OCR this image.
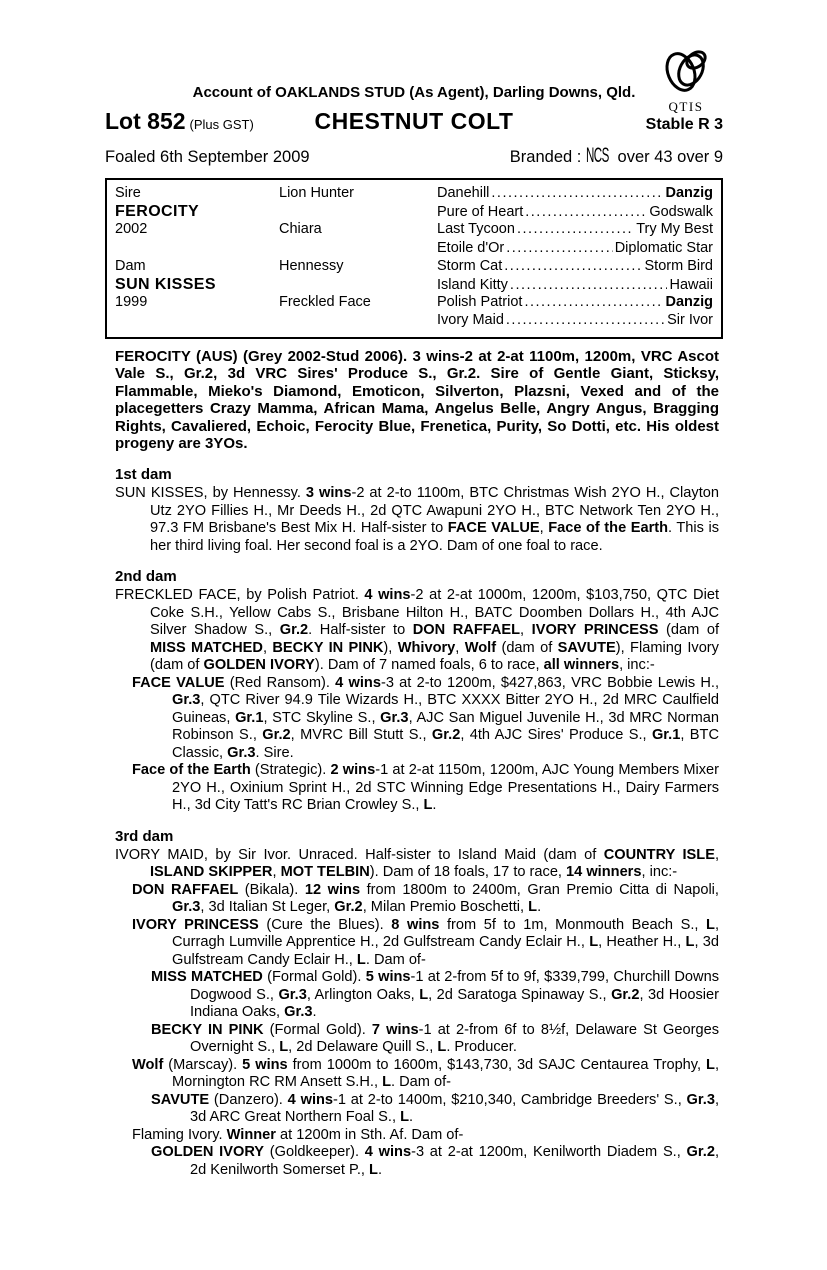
QTIS
Account of OAKLANDS STUD (As Agent), Darling Downs, Qld.
Lot 852 (Plus GST)	CHESTNUT COLT	Stable R 3
Foaled 6th September 2009	Branded : NCS over 43 over 9
Sire	Lion Hunter	Danehill .....	Danzig
FEROCITY	Pure of Heart .....	Godswalk
2002	Chiara	Last Tycoon .....	Try My Best
Etoile d'Or .....	Diplomatic Star
Dam	Hennessy	Storm Cat .....	Storm Bird
SUN KISSES	Island Kitty .....	Hawaii
1999	Freckled Face	Polish Patriot .....	Danzig
Ivory Maid .....	Sir Ivor
FEROCITY (AUS) (Grey 2002-Stud 2006). 3 wins-2 at 2-at 1100m, 1200m, VRC Ascot Vale S., Gr.2, 3d VRC Sires' Produce S., Gr.2. Sire of Gentle Giant, Sticksy, Flammable, Mieko's Diamond, Emoticon, Silverton, Plazsni, Vexed and of the placegetters Crazy Mamma, African Mama, Angelus Belle, Angry Angus, Bragging Rights, Cavaliered, Echoic, Ferocity Blue, Frenetica, Purity, So Dotti, etc. His oldest progeny are 3YOs.
1st dam
SUN KISSES, by Hennessy. 3 wins-2 at 2-to 1100m, BTC Christmas Wish 2YO H., Clayton Utz 2YO Fillies H., Mr Deeds H., 2d QTC Awapuni 2YO H., BTC Network Ten 2YO H., 97.3 FM Brisbane's Best Mix H. Half-sister to FACE VALUE, Face of the Earth. This is her third living foal. Her second foal is a 2YO. Dam of one foal to race.
2nd dam
FRECKLED FACE, by Polish Patriot. 4 wins-2 at 2-at 1000m, 1200m, $103,750, QTC Diet Coke S.H., Yellow Cabs S., Brisbane Hilton H., BATC Doomben Dollars H., 4th AJC Silver Shadow S., Gr.2. Half-sister to DON RAFFAEL, IVORY PRINCESS (dam of MISS MATCHED, BECKY IN PINK), Whivory, Wolf (dam of SAVUTE), Flaming Ivory (dam of GOLDEN IVORY). Dam of 7 named foals, 6 to race, all winners, inc:-
FACE VALUE (Red Ransom). 4 wins-3 at 2-to 1200m, $427,863, VRC Bobbie Lewis H., Gr.3, QTC River 94.9 Tile Wizards H., BTC XXXX Bitter 2YO H., 2d MRC Caulfield Guineas, Gr.1, STC Skyline S., Gr.3, AJC San Miguel Juvenile H., 3d MRC Norman Robinson S., Gr.2, MVRC Bill Stutt S., Gr.2, 4th AJC Sires' Produce S., Gr.1, BTC Classic, Gr.3. Sire.
Face of the Earth (Strategic). 2 wins-1 at 2-at 1150m, 1200m, AJC Young Members Mixer 2YO H., Oxinium Sprint H., 2d STC Winning Edge Presentations H., Dairy Farmers H., 3d City Tatt's RC Brian Crowley S., L.
3rd dam
IVORY MAID, by Sir Ivor. Unraced. Half-sister to Island Maid (dam of COUNTRY ISLE, ISLAND SKIPPER, MOT TELBIN). Dam of 18 foals, 17 to race, 14 winners, inc:-
DON RAFFAEL (Bikala). 12 wins from 1800m to 2400m, Gran Premio Citta di Napoli, Gr.3, 3d Italian St Leger, Gr.2, Milan Premio Boschetti, L.
IVORY PRINCESS (Cure the Blues). 8 wins from 5f to 1m, Monmouth Beach S., L, Curragh Lumville Apprentice H., 2d Gulfstream Candy Eclair H., L, Heather H., L, 3d Gulfstream Candy Eclair H., L. Dam of-
MISS MATCHED (Formal Gold). 5 wins-1 at 2-from 5f to 9f, $339,799, Churchill Downs Dogwood S., Gr.3, Arlington Oaks, L, 2d Saratoga Spinaway S., Gr.2, 3d Hoosier Indiana Oaks, Gr.3.
BECKY IN PINK (Formal Gold). 7 wins-1 at 2-from 6f to 8½f, Delaware St Georges Overnight S., L, 2d Delaware Quill S., L. Producer.
Wolf (Marscay). 5 wins from 1000m to 1600m, $143,730, 3d SAJC Centaurea Trophy, L, Mornington RC RM Ansett S.H., L. Dam of-
SAVUTE (Danzero). 4 wins-1 at 2-to 1400m, $210,340, Cambridge Breeders' S., Gr.3, 3d ARC Great Northern Foal S., L.
Flaming Ivory. Winner at 1200m in Sth. Af. Dam of-
GOLDEN IVORY (Goldkeeper). 4 wins-3 at 2-at 1200m, Kenilworth Diadem S., Gr.2, 2d Kenilworth Somerset P., L.
